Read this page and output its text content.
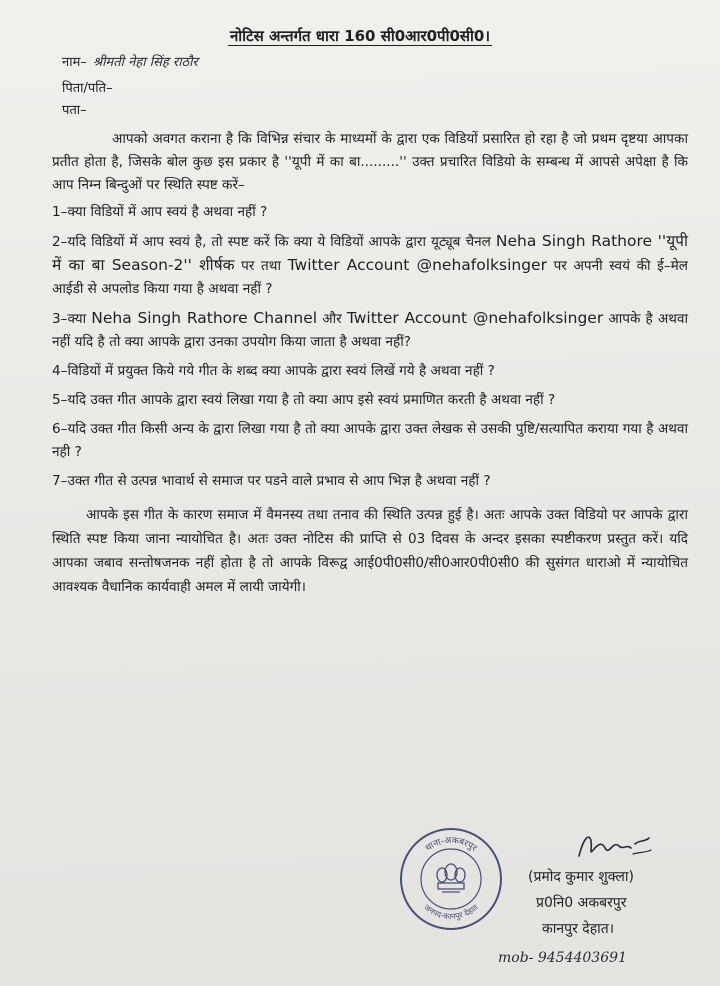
नोटिस अन्तर्गत धारा 160 सी0आर0पी0सी0।
नाम– श्रीमती नेहा सिंह राठौर
पिता/पति–
पता–

आपको अवगत कराना है कि विभिन्न संचार के माध्यमों के द्वारा एक विडियों प्रसारित हो रहा है जो प्रथम दृष्टया आपका प्रतीत होता है, जिसके बोल कुछ इस प्रकार है ''यूपी में का बा.........'' उक्त प्रचारित विडियो के सम्बन्ध में आपसे अपेक्षा है कि आप निम्न बिन्दुओं पर स्थिति स्पष्ट करें–

1–क्या विडियों में आप स्वयं है अथवा नहीं ?

2–यदि विडियों में आप स्वयं है, तो स्पष्ट करें कि क्या ये विडियों आपके द्वारा यूट्यूब चैनल Neha Singh Rathore ''यूपी में का बा Season-2'' शीर्षक पर तथा Twitter Account @nehafolksinger पर अपनी स्वयं की ई–मेल आईडी से अपलोड किया गया है अथवा नहीं ?

3–क्या Neha Singh Rathore Channel और Twitter Account @nehafolksinger आपके है अथवा नहीं यदि है तो क्या आपके द्वारा उनका उपयोग किया जाता है अथवा नहीं?

4–विडियों में प्रयुक्त किये गये गीत के शब्द क्या आपके द्वारा स्वयं लिखें गये है अथवा नहीं ?

5–यदि उक्त गीत आपके द्वारा स्वयं लिखा गया है तो क्या आप इसे स्वयं प्रमाणित करती है अथवा नहीं ?

6–यदि उक्त गीत किसी अन्य के द्वारा लिखा गया है तो क्या आपके द्वारा उक्त लेखक से उसकी पुष्टि/सत्यापित कराया गया है अथवा नही ?

7–उक्त गीत से उत्पन्न भावार्थ से समाज पर पडने वाले प्रभाव से आप भिज्ञ है अथवा नहीं ?

आपके इस गीत के कारण समाज में वैमनस्य तथा तनाव की स्थिति उत्पन्न हुई है। अतः आपके उक्त विडियो पर आपके द्वारा स्थिति स्पष्ट किया जाना न्यायोचित है। अतः उक्त नोटिस की प्राप्ति से 03 दिवस के अन्दर इसका स्पष्टीकरण प्रस्तुत करें। यदि आपका जबाव सन्तोषजनक नहीं होता है तो आपके विरूद्व आई0पी0सी0/सी0आर0पी0सी0 की सुसंगत धाराओ में न्यायोचित आवश्यक वैधानिक कार्यवाही अमल में लायी जायेगी।

थाना-अकबरपुर
जनपद-कानपुर देहात
(प्रमोद कुमार शुक्ला)
प्र0नि0 अकबरपुर
कानपुर देहात।
mob- 9454403691
